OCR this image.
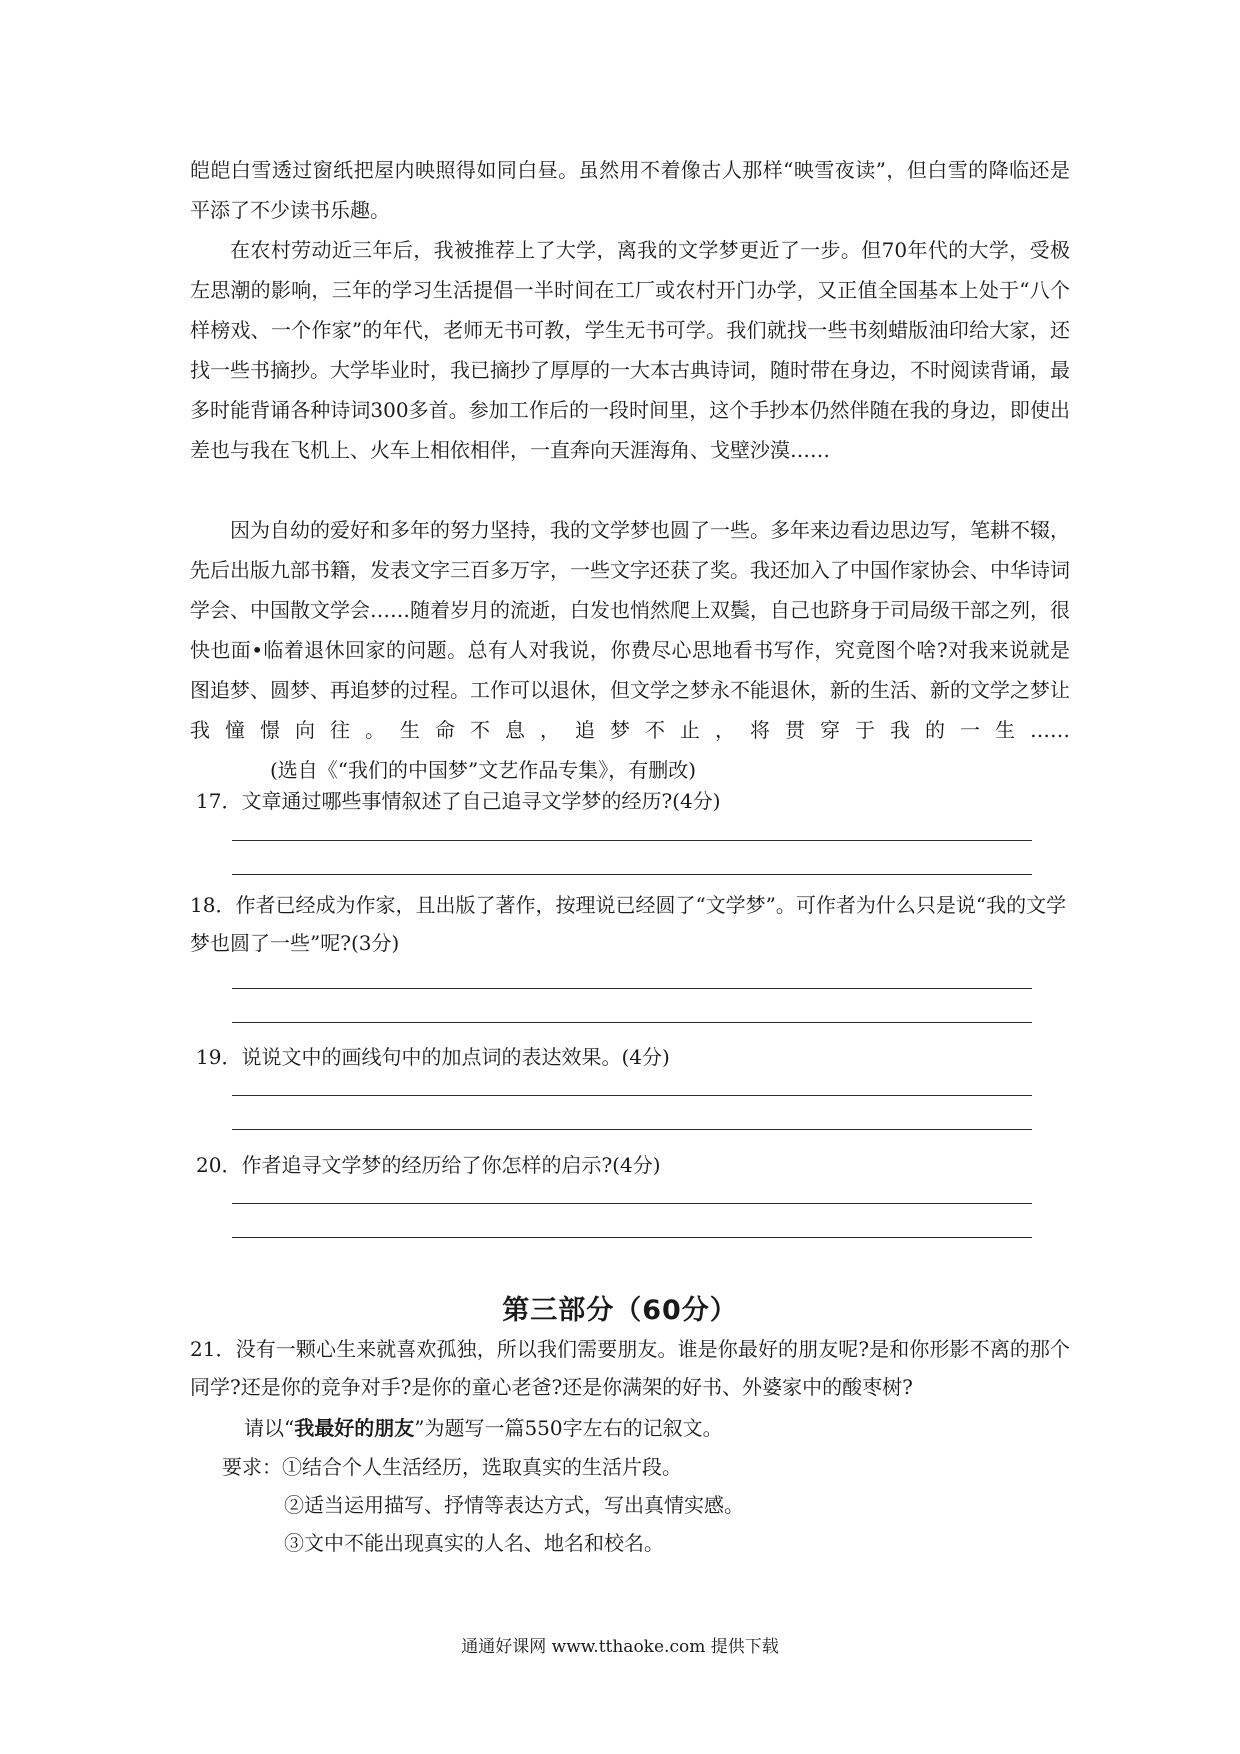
皑皑白雪透过窗纸把屋内映照得如同白昼。虽然用不着像古人那样“映雪夜读”，但白雪的降临还是平添了不少读书乐趣。
在农村劳动近三年后，我被推荐上了大学，离我的文学梦更近了一步。但70年代的大学，受极左思潮的影响，三年的学习生活提倡一半时间在工厂或农村开门办学，又正值全国基本上处于“八个样榜戏、一个作家”的年代，老师无书可教，学生无书可学。我们就找一些书刻蜡版油印给大家，还找一些书摘抄。大学毕业时，我已摘抄了厚厚的一大本古典诗词，随时带在身边，不时阅读背诵，最多时能背诵各种诗词300多首。参加工作后的一段时间里，这个手抄本仍然伴随在我的身边，即使出差也与我在飞机上、火车上相依相伴，一直奔向天涯海角、戈壁沙漠……
因为自幼的爱好和多年的努力坚持，我的文学梦也圆了一些。多年来边看边思边写，笔耕不辍，先后出版九部书籍，发表文字三百多万字，一些文字还获了奖。我还加入了中国作家协会、中华诗词学会、中国散文学会……随着岁月的流逝，白发也悄然爬上双鬓，自己也跻身于司局级干部之列，很快也面•临着退休回家的问题。总有人对我说，你费尽心思地看书写作，究竟图个啥?对我来说就是图追梦、圆梦、再追梦的过程。工作可以退休，但文学之梦永不能退休，新的生活、新的文学之梦让我憧憬向往。生命不息，追梦不止，将贯穿于我的一生……(选自《“我们的中国梦”文艺作品专集》，有删改)
17．文章通过哪些事情叙述了自己追寻文学梦的经历?(4分)
18．作者已经成为作家，且出版了著作，按理说已经圆了“文学梦”。可作者为什么只是说“我的文学梦也圆了一些”呢?(3分)
19．说说文中的画线句中的加点词的表达效果。(4分)
20．作者追寻文学梦的经历给了你怎样的启示?(4分)
第三部分（60分）
21．没有一颗心生来就喜欢孤独，所以我们需要朋友。谁是你最好的朋友呢?是和你形影不离的那个同学?还是你的竞争对手?是你的童心老爸?还是你满架的好书、外婆家中的酸枣树?
请以“我最好的朋友”为题写一篇550字左右的记叙文。
要求：①结合个人生活经历，选取真实的生活片段。
②适当运用描写、抒情等表达方式，写出真情实感。
③文中不能出现真实的人名、地名和校名。
通通好课网 www.tthaoke.com 提供下载
